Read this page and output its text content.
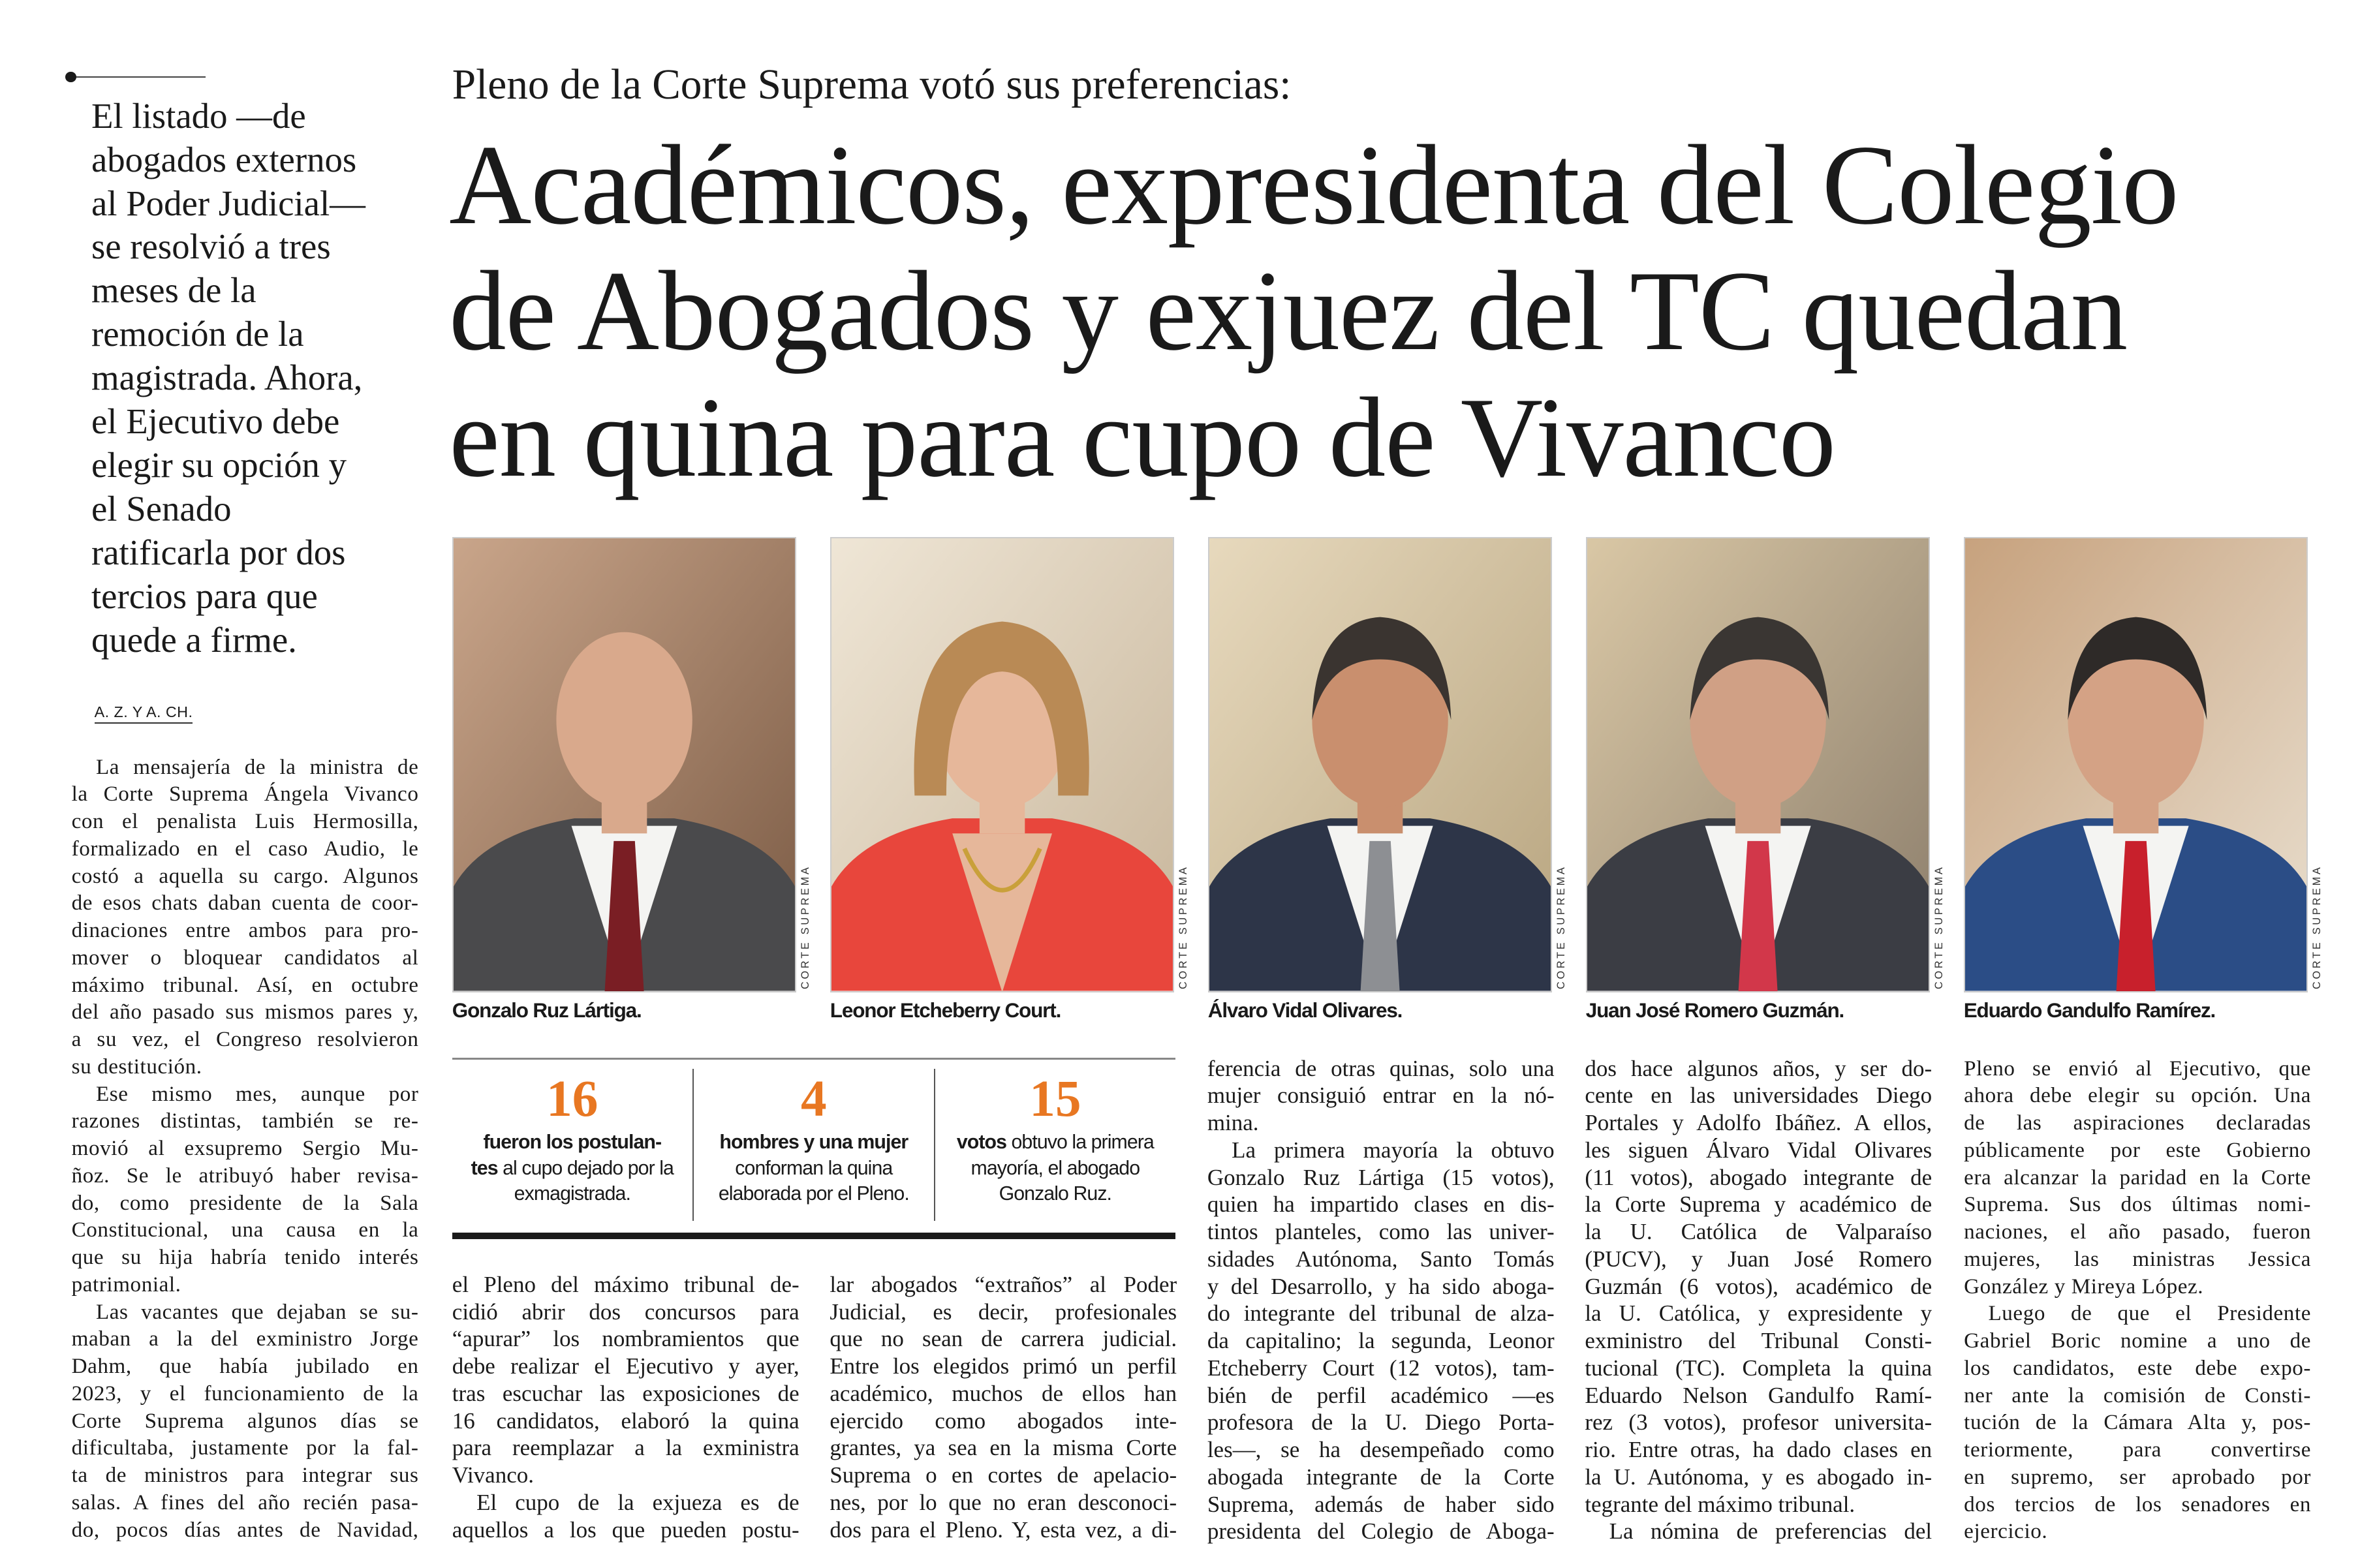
El listado —de
abogados externos
al Poder Judicial—
se resolvió a tres
meses de la
remoción de la
magistrada. Ahora,
el Ejecutivo debe
elegir su opción y
el Senado
ratificarla por dos
tercios para que
quede a firme.
A. Z. Y A. CH.
Pleno de la Corte Suprema votó sus preferencias:
Académicos, expresidenta del Colegio
de Abogados y exjuez del TC quedan
en quina para cupo de Vivanco
CORTE SUPREMA
Gonzalo Ruz Lártiga.
CORTE SUPREMA
Leonor Etcheberry Court.
CORTE SUPREMA
Álvaro Vidal Olivares.
CORTE SUPREMA
Juan José Romero Guzmán.
CORTE SUPREMA
Eduardo Gandulfo Ramírez.
16
fueron los postulan-
tes al cupo dejado por la exmagistrada.
4
hombres y una mujer
conforman la quina elaborada por el Pleno.
15
votos obtuvo la primera mayoría, el abogado Gonzalo Ruz.
La mensajería de la ministra de
la Corte Suprema Ángela Vivanco
con el penalista Luis Hermosilla,
formalizado en el caso Audio, le
costó a aquella su cargo. Algunos
de esos chats daban cuenta de coor-
dinaciones entre ambos para pro-
mover o bloquear candidatos al
máximo tribunal. Así, en octubre
del año pasado sus mismos pares y,
a su vez, el Congreso resolvieron
su destitución.
Ese mismo mes, aunque por
razones distintas, también se re-
movió al exsupremo Sergio Mu-
ñoz. Se le atribuyó haber revisa-
do, como presidente de la Sala
Constitucional, una causa en la
que su hija habría tenido interés
patrimonial.
Las vacantes que dejaban se su-
maban a la del exministro Jorge
Dahm, que había jubilado en
2023, y el funcionamiento de la
Corte Suprema algunos días se
dificultaba, justamente por la fal-
ta de ministros para integrar sus
salas. A fines del año recién pasa-
do, pocos días antes de Navidad,
el Pleno del máximo tribunal de-
cidió abrir dos concursos para
“apurar” los nombramientos que
debe realizar el Ejecutivo y ayer,
tras escuchar las exposiciones de
16 candidatos, elaboró la quina
para reemplazar a la exministra
Vivanco.
El cupo de la exjueza es de
aquellos a los que pueden postu-
lar abogados “extraños” al Poder
Judicial, es decir, profesionales
que no sean de carrera judicial.
Entre los elegidos primó un perfil
académico, muchos de ellos han
ejercido como abogados inte-
grantes, ya sea en la misma Corte
Suprema o en cortes de apelacio-
nes, por lo que no eran desconoci-
dos para el Pleno. Y, esta vez, a di-
ferencia de otras quinas, solo una
mujer consiguió entrar en la nó-
mina.
La primera mayoría la obtuvo
Gonzalo Ruz Lártiga (15 votos),
quien ha impartido clases en dis-
tintos planteles, como las univer-
sidades Autónoma, Santo Tomás
y del Desarrollo, y ha sido aboga-
do integrante del tribunal de alza-
da capitalino; la segunda, Leonor
Etcheberry Court (12 votos), tam-
bién de perfil académico —es
profesora de la U. Diego Porta-
les—, se ha desempeñado como
abogada integrante de la Corte
Suprema, además de haber sido
presidenta del Colegio de Aboga-
dos hace algunos años, y ser do-
cente en las universidades Diego
Portales y Adolfo Ibáñez. A ellos,
les siguen Álvaro Vidal Olivares
(11 votos), abogado integrante de
la Corte Suprema y académico de
la U. Católica de Valparaíso
(PUCV), y Juan José Romero
Guzmán (6 votos), académico de
la U. Católica, y expresidente y
exministro del Tribunal Consti-
tucional (TC). Completa la quina
Eduardo Nelson Gandulfo Ramí-
rez (3 votos), profesor universita-
rio. Entre otras, ha dado clases en
la U. Autónoma, y es abogado in-
tegrante del máximo tribunal.
La nómina de preferencias del
Pleno se envió al Ejecutivo, que
ahora debe elegir su opción. Una
de las aspiraciones declaradas
públicamente por este Gobierno
era alcanzar la paridad en la Corte
Suprema. Sus dos últimas nomi-
naciones, el año pasado, fueron
mujeres, las ministras Jessica
González y Mireya López.
Luego de que el Presidente
Gabriel Boric nomine a uno de
los candidatos, este debe expo-
ner ante la comisión de Consti-
tución de la Cámara Alta y, pos-
teriormente, para convertirse
en supremo, ser aprobado por
dos tercios de los senadores en
ejercicio.
